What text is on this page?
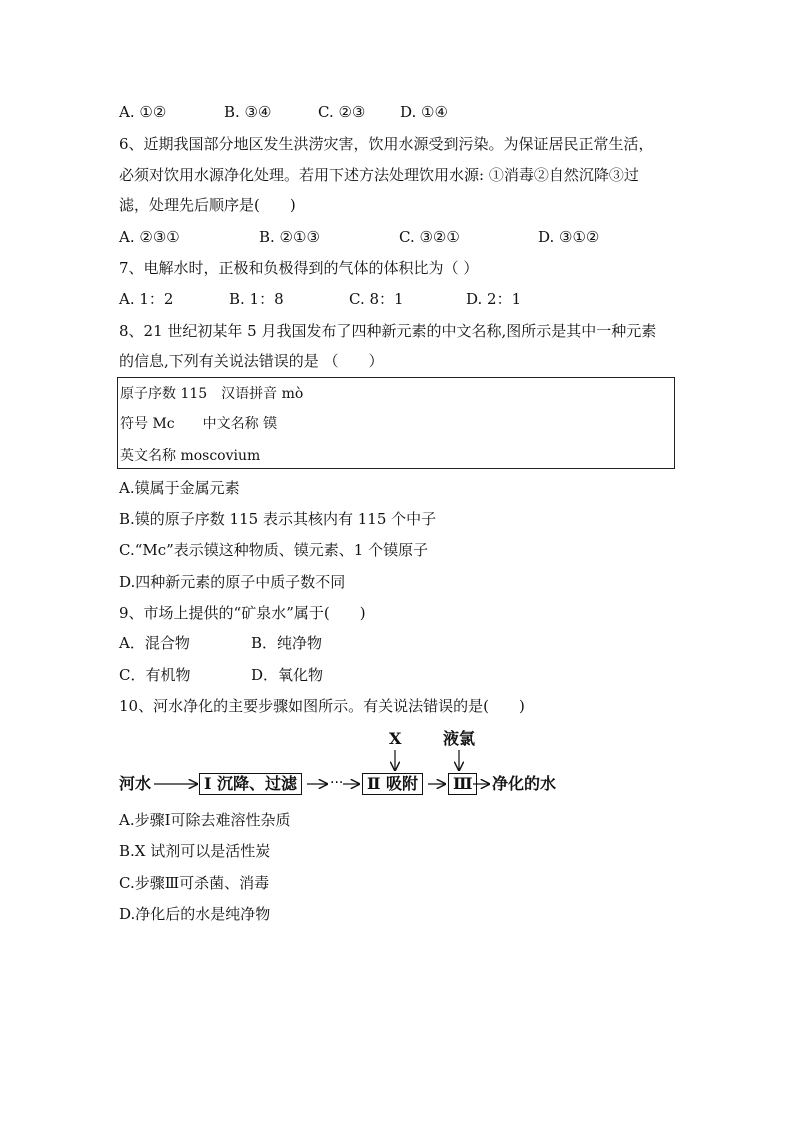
A. ①②	B. ③④	C. ②③ D. ①④
6、近期我国部分地区发生洪涝灾害，饮用水源受到污染。为保证居民正常生活，
必须对饮用水源净化处理。若用下述方法处理饮用水源: ①消毒②自然沉降③过
滤，处理先后顺序是(　　)
A. ②③①	B. ②①③	C. ③②①	D. ③①②
7、电解水时，正极和负极得到的气体的体积比为（ ）
A. 1：2	B. 1：8	C. 8：1	D. 2：1
8、21 世纪初某年 5 月我国发布了四种新元素的中文名称,图所示是其中一种元素
的信息,下列有关说法错误的是 （　　）
原子序数 115　汉语拼音 mò
符号 Mc　　中文名称 镆
英文名称 moscovium
A.镆属于金属元素
B.镆的原子序数 115 表示其核内有 115 个中子
C.“Mc”表示镆这种物质、镆元素、1 个镆原子
D.四种新元素的原子中质子数不同
9、市场上提供的“矿泉水”属于(　　)
A．混合物	B．纯净物
C．有机物	D．氧化物
10、河水净化的主要步骤如图所示。有关说法错误的是(　　)
···
河水	Ⅰ 沉降、过滤	Ⅱ 吸附	Ⅲ	净化的水
X	液氯
A.步骤Ⅰ可除去难溶性杂质
B.X 试剂可以是活性炭
C.步骤Ⅲ可杀菌、消毒
D.净化后的水是纯净物
